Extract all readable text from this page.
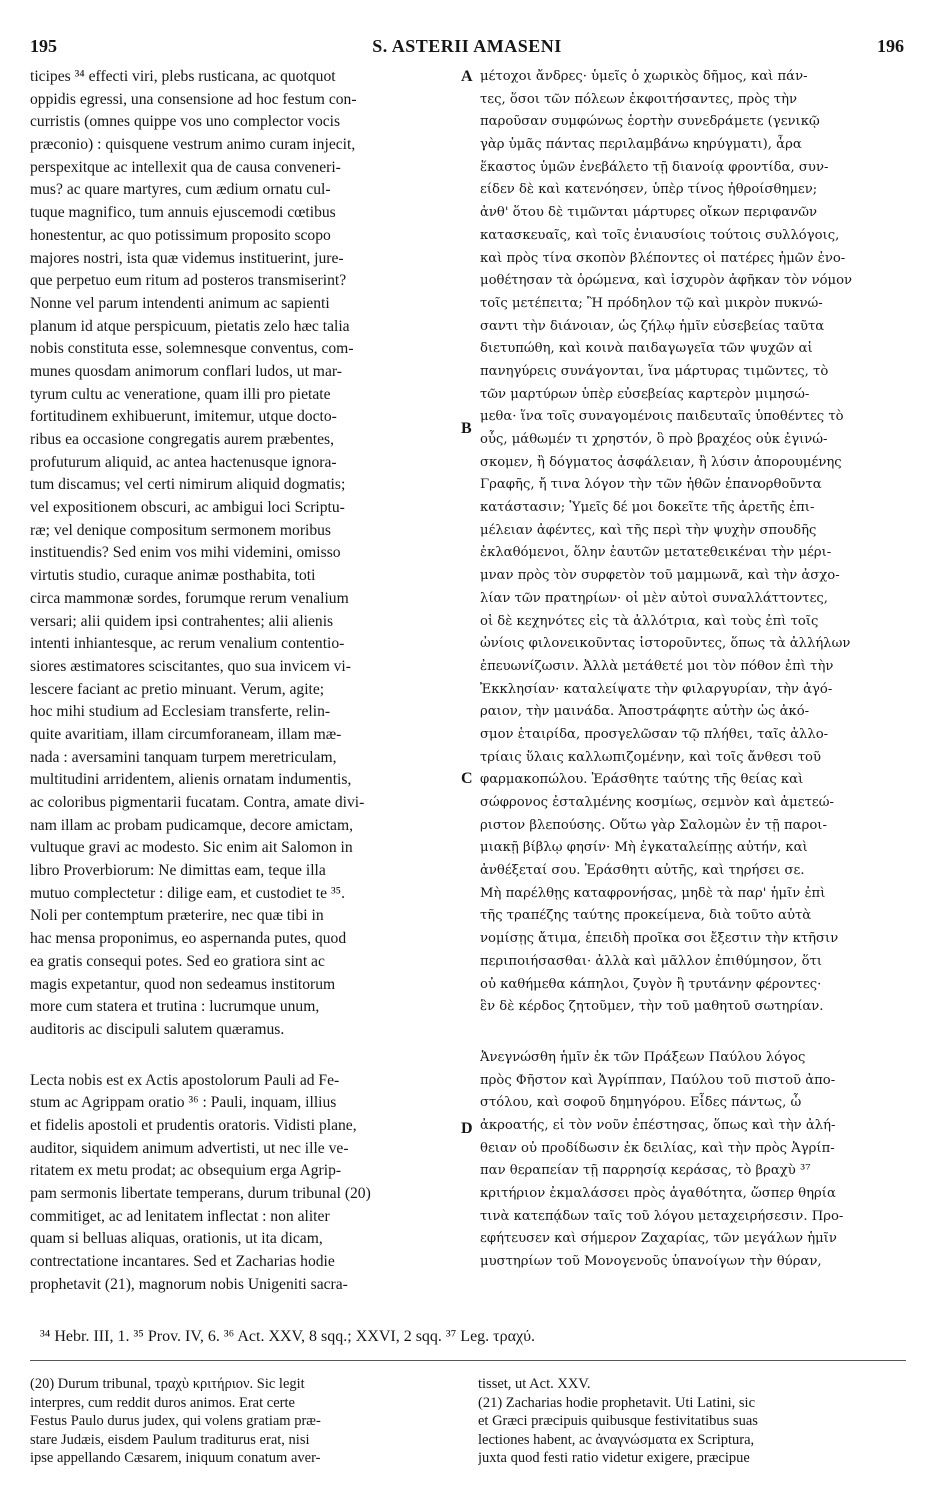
195	S. ASTERII AMASENI	196
ticipes ³⁴ effecti viri, plebs rusticana, ac quotquot
oppidis egressi, una consensione ad hoc festum con-
curristis (omnes quippe vos uno complector vocis
præconio) : quisquene vestrum animo curam injecit,
perspexitque ac intellexit qua de causa conveneri-
mus? ac quare martyres, cum ædium ornatu cul-
tuque magnifico, tum annuis ejuscemodi cœtibus
honestentur, ac quo potissimum proposito scopo
majores nostri, ista quæ videmus instituerint, jure-
que perpetuo eum ritum ad posteros transmiserint?
Nonne vel parum intendenti animum ac sapienti
planum id atque perspicuum, pietatis zelo hæc talia
nobis constituta esse, solemnesque conventus, com-
munes quosdam animorum conflari ludos, ut mar-
tyrum cultu ac veneratione, quam illi pro pietate
fortitudinem exhibuerunt, imitemur, utque docto-
ribus ea occasione congregatis aurem præbentes,
profuturum aliquid, ac antea hactenusque ignora-
tum discamus; vel certi nimirum aliquid dogmatis;
vel expositionem obscuri, ac ambigui loci Scriptu-
ræ; vel denique compositum sermonem moribus
instituendis? Sed enim vos mihi videmini, omisso
virtutis studio, curaque animæ posthabita, toti
circa mammonæ sordes, forumque rerum venalium
versari; alii quidem ipsi contrahentes; alii alienis
intenti inhiantesque, ac rerum venalium contentio-
siores æstimatores sciscitantes, quo sua invicem vi-
lescere faciant ac pretio minuant. Verum, agite;
hoc mihi studium ad Ecclesiam transferte, relin-
quite avaritiam, illam circumforaneam, illam mæ-
nada : aversamini tanquam turpem meretriculam,
multitudini arridentem, alienis ornatam indumentis,
ac coloribus pigmentarii fucatam. Contra, amate divi-
nam illam ac probam pudicamque, decore amictam,
vultuque gravi ac modesto. Sic enim ait Salomon in
libro Proverbiorum: Ne dimittas eam, teque illa
mutuo complectetur : dilige eam, et custodiet te ³⁵.
Noli per contemptum præterire, nec quæ tibi in
hac mensa proponimus, eo aspernanda putes, quod
ea gratis consequi potes. Sed eo gratiora sint ac
magis expetantur, quod non sedeamus institorum
more cum statera et trutina : lucrumque unum,
auditoris ac discipuli salutem quæramus.
Lecta nobis est ex Actis apostolorum Pauli ad Fe-
stum ac Agrippam oratio ³⁶ : Pauli, inquam, illius
et fidelis apostoli et prudentis oratoris. Vidisti plane,
auditor, siquidem animum advertisti, ut nec ille ve-
ritatem ex metu prodat; ac obsequium erga Agrip-
pam sermonis libertate temperans, durum tribunal (20)
commitiget, ac ad lenitatem inflectat : non aliter
quam si belluas aliquas, orationis, ut ita dicam,
contrectatione incantares. Sed et Zacharias hodie
prophetavit (21), magnorum nobis Unigeniti sacra-
A
B
C
D
μέτοχοι ἄνδρες· ὑμεῖς ὁ χωρικὸς δῆμος, καὶ πάν-
τες, ὅσοι τῶν πόλεων ἐκφοιτήσαντες, πρὸς τὴν
παροῦσαν συμφώνως ἑορτὴν συνεδράμετε (γενικῷ
γὰρ ὑμᾶς πάντας περιλαμβάνω κηρύγματι), ἆρα
ἕκαστος ὑμῶν ἐνεβάλετο τῇ διανοίᾳ φροντίδα, συν-
είδεν δὲ καὶ κατενόησεν, ὑπὲρ τίνος ἠθροίσθημεν;
ἀνθ' ὅτου δὲ τιμῶνται μάρτυρες οἴκων περιφανῶν
κατασκευαῖς, καὶ τοῖς ἐνιαυσίοις τούτοις συλλόγοις,
καὶ πρὸς τίνα σκοπὸν βλέποντες οἱ πατέρες ἡμῶν ἐνο-
μοθέτησαν τὰ ὁρώμενα, καὶ ἰσχυρὸν ἀφῆκαν τὸν νόμον
τοῖς μετέπειτα; Ἢ πρόδηλον τῷ καὶ μικρὸν πυκνώ-
σαντι τὴν διάνοιαν, ὡς ζήλῳ ἡμῖν εὐσεβείας ταῦτα
διετυπώθη, καὶ κοινὰ παιδαγωγεῖα τῶν ψυχῶν αἱ
πανηγύρεις συνάγονται, ἵνα μάρτυρας τιμῶντες, τὸ
τῶν μαρτύρων ὑπὲρ εὐσεβείας καρτερὸν μιμησώ-
μεθα· ἵνα τοῖς συναγομένοις παιδευταῖς ὑποθέντες τὸ
οὖς, μάθωμέν τι χρηστόν, ὃ πρὸ βραχέος οὐκ ἐγινώ-
σκομεν, ἢ δόγματος ἀσφάλειαν, ἢ λύσιν ἀπορουμένης
Γραφῆς, ἤ τινα λόγον τὴν τῶν ἠθῶν ἐπανορθοῦντα
κατάστασιν; Ὑμεῖς δέ μοι δοκεῖτε τῆς ἀρετῆς ἐπι-
μέλειαν ἀφέντες, καὶ τῆς περὶ τὴν ψυχὴν σπουδῆς
ἐκλαθόμενοι, ὅλην ἑαυτῶν μετατεθεικέναι τὴν μέρι-
μναν πρὸς τὸν συρφετὸν τοῦ μαμμωνᾶ, καὶ τὴν ἀσχο-
λίαν τῶν πρατηρίων· οἱ μὲν αὐτοὶ συναλλάττοντες,
οἱ δὲ κεχηνότες εἰς τὰ ἀλλότρια, καὶ τοὺς ἐπὶ τοῖς
ὠνίοις φιλονεικοῦντας ἱστοροῦντες, ὅπως τὰ ἀλλήλων
ἐπευωνίζωσιν. Ἀλλὰ μετάθετέ μοι τὸν πόθον ἐπὶ τὴν
Ἐκκλησίαν· καταλείψατε τὴν φιλαργυρίαν, τὴν ἀγό-
ραιον, τὴν μαινάδα. Ἀποστράφητε αὐτὴν ὡς ἀκό-
σμον ἑταιρίδα, προσγελῶσαν τῷ πλήθει, ταῖς ἀλλο-
τρίαις ὕλαις καλλωπιζομένην, καὶ τοῖς ἄνθεσι τοῦ
φαρμακοπώλου. Ἐράσθητε ταύτης τῆς θείας καὶ
σώφρονος ἐσταλμένης κοσμίως, σεμνὸν καὶ ἀμετεώ-
ριστον βλεπούσης. Οὕτω γὰρ Σαλομὼν ἐν τῇ παροι-
μιακῇ βίβλῳ φησίν· Μὴ ἐγκαταλείπῃς αὐτήν, καὶ
ἀνθέξεταί σου. Ἐράσθητι αὐτῆς, καὶ τηρήσει σε.
Μὴ παρέλθῃς καταφρονήσας, μηδὲ τὰ παρ' ἡμῖν ἐπὶ
τῆς τραπέζης ταύτης προκείμενα, διὰ τοῦτο αὐτὰ
νομίσῃς ἄτιμα, ἐπειδὴ προῖκα σοι ἔξεστιν τὴν κτῆσιν
περιποιήσασθαι· ἀλλὰ καὶ μᾶλλον ἐπιθύμησον, ὅτι
οὐ καθήμεθα κάπηλοι, ζυγὸν ἢ τρυτάνην φέροντες·
ἓν δὲ κέρδος ζητοῦμεν, τὴν τοῦ μαθητοῦ σωτηρίαν.
Ἀνεγνώσθη ἡμῖν ἐκ τῶν Πράξεων Παύλου λόγος
πρὸς Φῆστον καὶ Ἀγρίππαν, Παύλου τοῦ πιστοῦ ἀπο-
στόλου, καὶ σοφοῦ δημηγόρου. Εἶδες πάντως, ὦ
ἀκροατής, εἰ τὸν νοῦν ἐπέστησας, ὅπως καὶ τὴν ἀλή-
θειαν οὐ προδίδωσιν ἐκ δειλίας, καὶ τὴν πρὸς Ἀγρίπ-
παν θεραπείαν τῇ παρρησίᾳ κεράσας, τὸ βραχὺ ³⁷
κριτήριον ἐκμαλάσσει πρὸς ἀγαθότητα, ὥσπερ θηρία
τινὰ κατεπᾴδων ταῖς τοῦ λόγου μεταχειρήσεσιν. Προ-
εφήτευσεν καὶ σήμερον Ζαχαρίας, τῶν μεγάλων ἡμῖν
μυστηρίων τοῦ Μονογενοῦς ὑπανοίγων τὴν θύραν,
³⁴ Hebr. III, 1. ³⁵ Prov. IV, 6. ³⁶ Act. XXV, 8 sqq.; XXVI, 2 sqq. ³⁷ Leg. τραχύ.
(20) Durum tribunal, τραχὺ κριτήριον. Sic legit
interpres, cum reddit duros animos. Erat certe
Festus Paulo durus judex, qui volens gratiam præ-
stare Judæis, eisdem Paulum traditurus erat, nisi
ipse appellando Cæsarem, iniquum conatum aver-
tisset, ut Act. XXV.
(21) Zacharias hodie prophetavit. Uti Latini, sic
et Græci præcipuis quibusque festivitatibus suas
lectiones habent, ac ἀναγνώσματα ex Scriptura,
juxta quod festi ratio videtur exigere, præcipue
